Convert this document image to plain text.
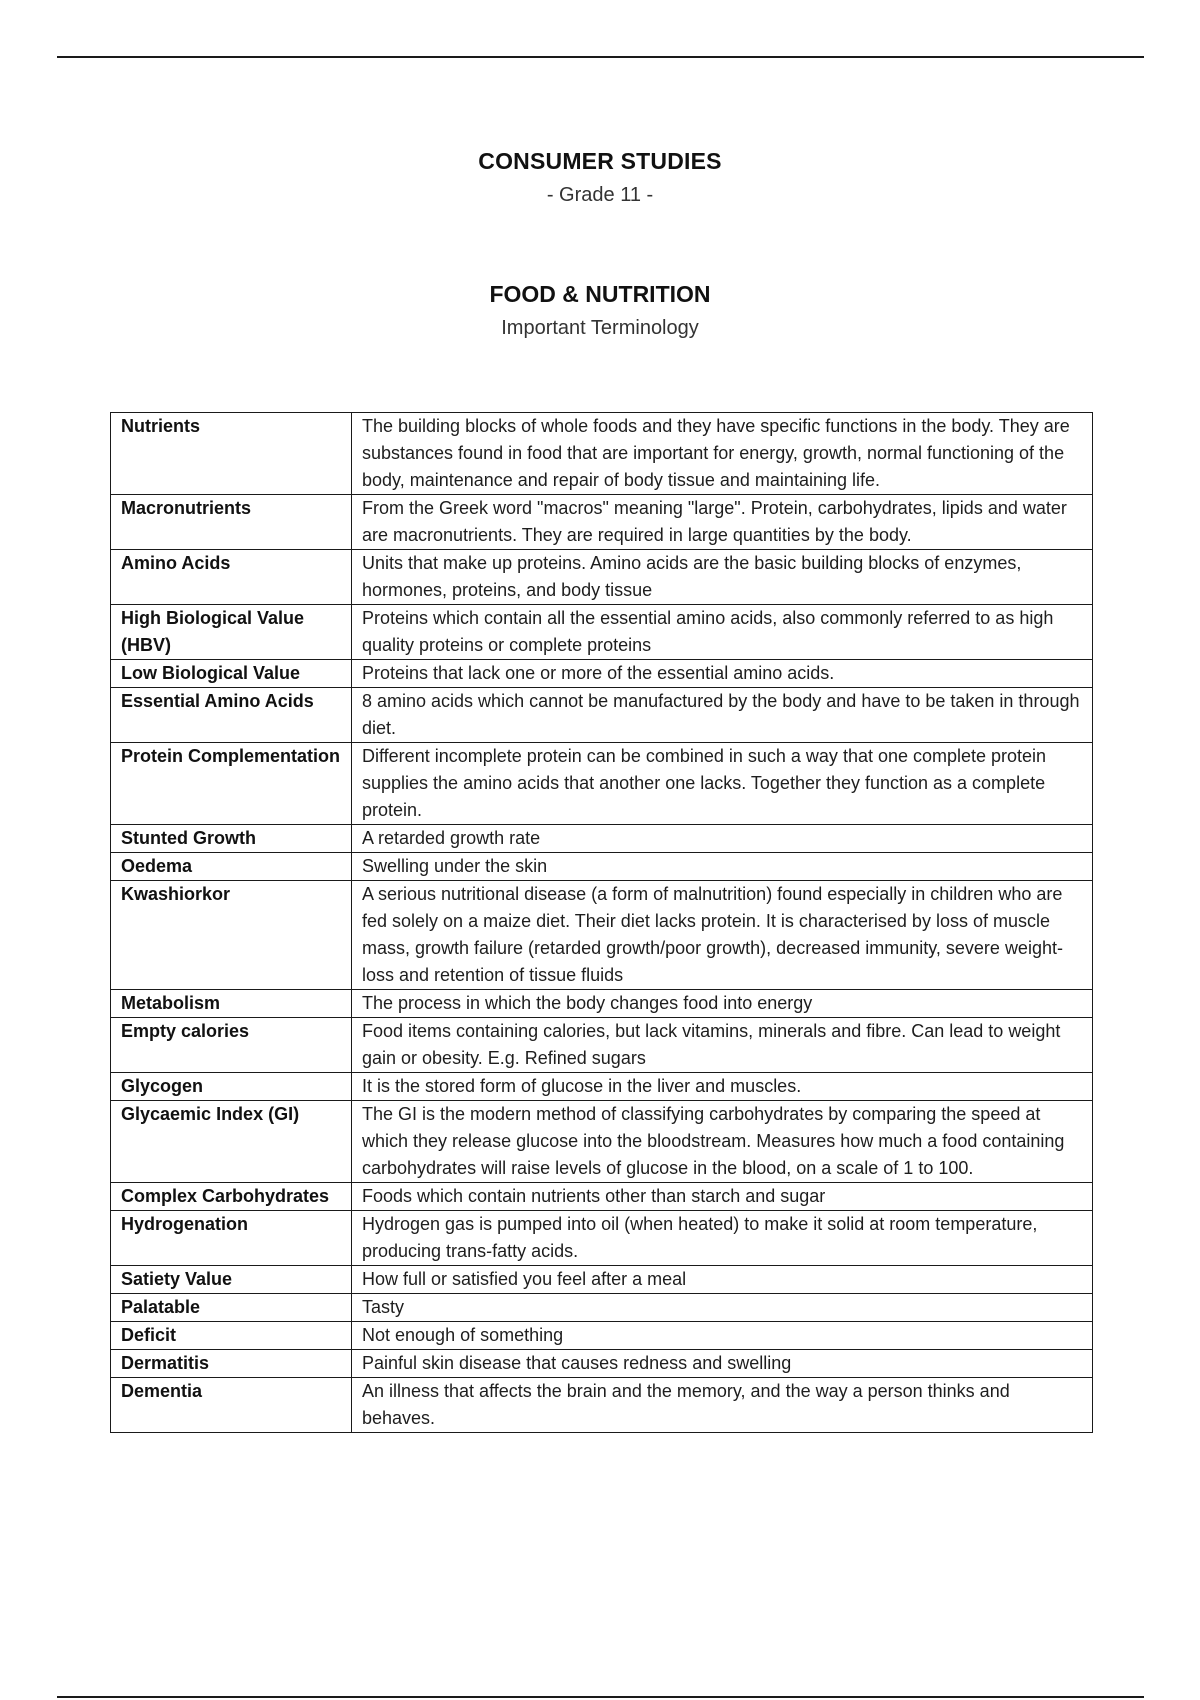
CONSUMER STUDIES
- Grade 11 -
FOOD & NUTRITION
Important Terminology
Nutrients	The building blocks of whole foods and they have specific functions in the body. They are substances found in food that are important for energy, growth, normal functioning of the body, maintenance and repair of body tissue and maintaining life.
Macronutrients	From the Greek word "macros" meaning "large". Protein, carbohydrates, lipids and water are macronutrients. They are required in large quantities by the body.
Amino Acids	Units that make up proteins. Amino acids are the basic building blocks of enzymes, hormones, proteins, and body tissue
High Biological Value (HBV)	Proteins which contain all the essential amino acids, also commonly referred to as high quality proteins or complete proteins
Low Biological Value	Proteins that lack one or more of the essential amino acids.
Essential Amino Acids	8 amino acids which cannot be manufactured by the body and have to be taken in through diet.
Protein Complementation	Different incomplete protein can be combined in such a way that one complete protein supplies the amino acids that another one lacks. Together they function as a complete protein.
Stunted Growth	A retarded growth rate
Oedema	Swelling under the skin
Kwashiorkor	A serious nutritional disease (a form of malnutrition) found especially in children who are fed solely on a maize diet. Their diet lacks protein. It is characterised by loss of muscle mass, growth failure (retarded growth/poor growth), decreased immunity, severe weight-loss and retention of tissue fluids
Metabolism	The process in which the body changes food into energy
Empty calories	Food items containing calories, but lack vitamins, minerals and fibre. Can lead to weight gain or obesity. E.g. Refined sugars
Glycogen	It is the stored form of glucose in the liver and muscles.
Glycaemic Index (GI)	The GI is the modern method of classifying carbohydrates by comparing the speed at which they release glucose into the bloodstream. Measures how much a food containing carbohydrates will raise levels of glucose in the blood, on a scale of 1 to 100.
Complex Carbohydrates	Foods which contain nutrients other than starch and sugar
Hydrogenation	Hydrogen gas is pumped into oil (when heated) to make it solid at room temperature, producing trans-fatty acids.
Satiety Value	How full or satisfied you feel after a meal
Palatable	Tasty
Deficit	Not enough of something
Dermatitis	Painful skin disease that causes redness and swelling
Dementia	An illness that affects the brain and the memory, and the way a person thinks and behaves.
